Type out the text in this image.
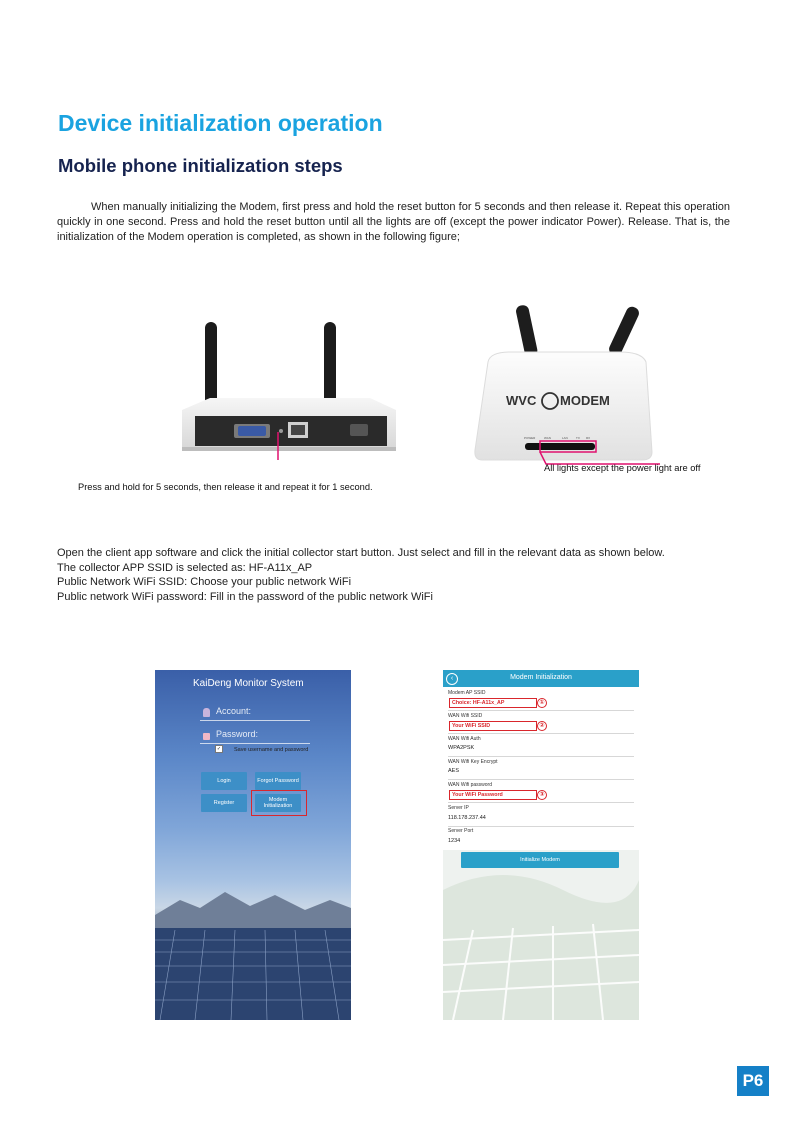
Device initialization operation
Mobile phone initialization steps
When manually initializing the Modem, first press and hold the reset button for 5 seconds and then release it. Repeat this operation quickly in one second. Press and hold the reset button until all the lights are off (except the power indicator Power). Release. That is, the initialization of the Modem operation is completed, as shown in the following figure;
Press and hold for 5 seconds, then release it and repeat it for 1 second.
WVC MODEM
POWER	WAN	LAN	TX RX
All lights except the power light are off
Open the client app software and click the initial collector start button. Just select and fill in the relevant data as shown below.
The collector APP SSID is selected as: HF-A11x_AP
Public Network WiFi SSID: Choose your public network WiFi
Public network WiFi password: Fill in the password of the public network WiFi
KaiDeng Monitor System
Account:
Password:
✓	Save username and password
Login	Forgot Password
Register	Modem
Initialization
‹	Modem Initialization
Modem AP SSID
Choice: HF-A11x_AP	①
WAN Wifi SSID
Your WiFi SSID	②
WAN Wifi Auth
WPA2PSK
WAN Wifi Key Encrypt
AES
WAN Wifi password
Your WiFi Password	③
Server IP
118.178.237.44
Server Port
1234
Initialize Modem
P6
